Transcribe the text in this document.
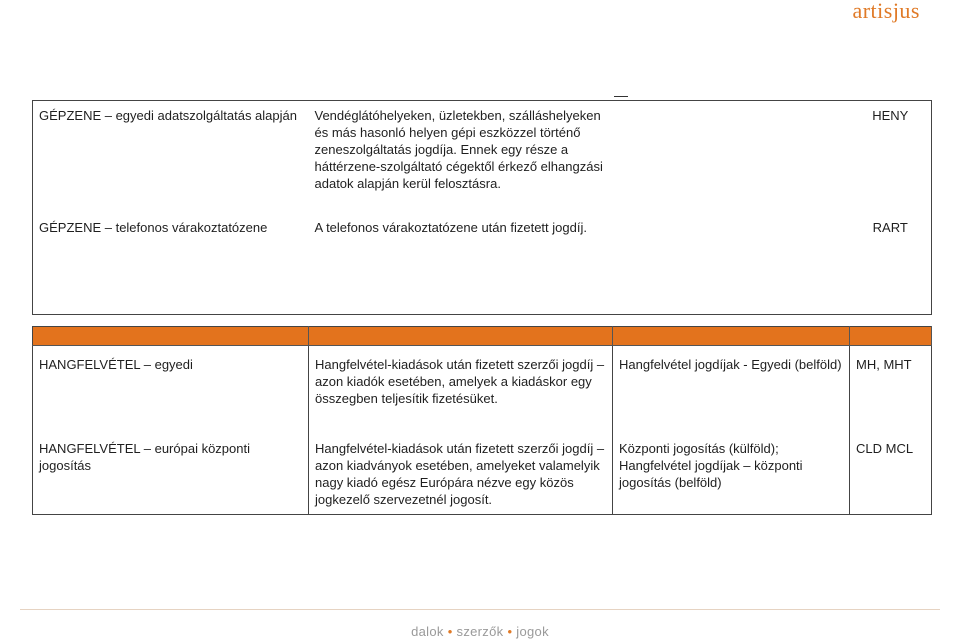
artisjus
GÉPZENE – egyedi adatszolgáltatás alapján	Vendéglátóhelyeken, üzletekben, szálláshelyeken és más hasonló helyen gépi eszközzel történő zeneszolgáltatás jogdíja. Ennek egy része a háttérzene-szolgáltató cégektől érkező elhangzási adatok alapján kerül felosztásra.		HENY
GÉPZENE – telefonos várakoztatózene	A telefonos várakoztatózene után fizetett jogdíj.		RART

HANGFELVÉTEL – egyedi	Hangfelvétel-kiadások után fizetett szerzői jogdíj – azon kiadók esetében, amelyek a kiadáskor egy összegben teljesítik fizetésüket.	Hangfelvétel jogdíjak - Egyedi (belföld)	MH, MHT
HANGFELVÉTEL – európai központi jogosítás	Hangfelvétel-kiadások után fizetett szerzői jogdíj – azon kiadványok esetében, amelyeket valamelyik nagy kiadó egész Európára nézve egy közös jogkezelő szervezetnél jogosít.	Központi jogosítás (külföld); Hangfelvétel jogdíjak – központi jogosítás (belföld)	CLD MCL
dalok • szerzők • jogok
